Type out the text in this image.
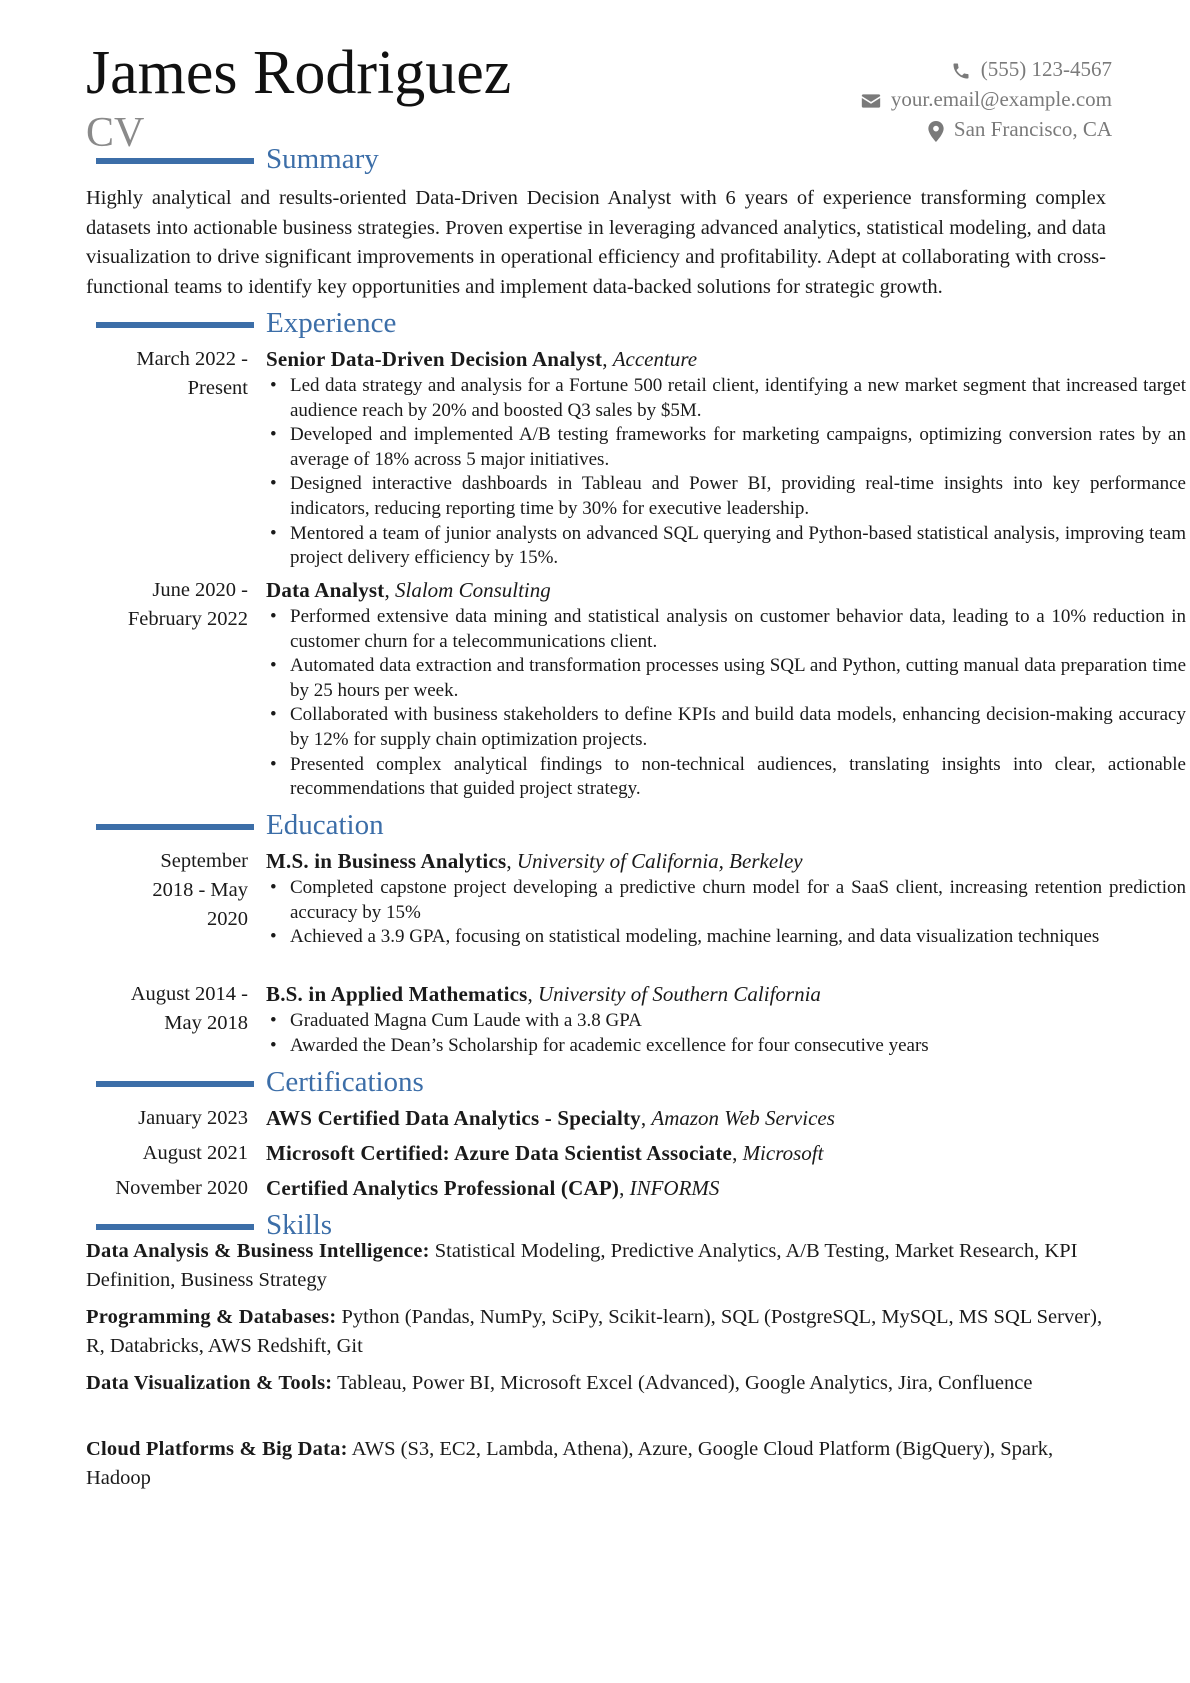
James Rodriguez
CV
(555) 123-4567
your.email@example.com
San Francisco, CA
Summary

Highly analytical and results-oriented Data-Driven Decision Analyst with 6 years of experience transforming complex datasets into actionable business strategies. Proven expertise in leveraging advanced analytics, statistical modeling, and data visualization to drive significant improvements in operational efficiency and profitability. Adept at collaborating with cross-functional teams to identify key opportunities and implement data-backed solutions for strategic growth.

Experience
March 2022 -
Present
Senior Data-Driven Decision Analyst, Accenture
• Led data strategy and analysis for a Fortune 500 retail client, identifying a new market segment that increased target audience reach by 20% and boosted Q3 sales by $5M.
• Developed and implemented A/B testing frameworks for marketing campaigns, optimizing conversion rates by an average of 18% across 5 major initiatives.
• Designed interactive dashboards in Tableau and Power BI, providing real-time insights into key performance indicators, reducing reporting time by 30% for executive leadership.
• Mentored a team of junior analysts on advanced SQL querying and Python-based statistical analysis, improving team project delivery efficiency by 15%.
June 2020 -
February 2022
Data Analyst, Slalom Consulting
• Performed extensive data mining and statistical analysis on customer behavior data, leading to a 10% reduction in customer churn for a telecommunications client.
• Automated data extraction and transformation processes using SQL and Python, cutting manual data preparation time by 25 hours per week.
• Collaborated with business stakeholders to define KPIs and build data models, enhancing decision-making accuracy by 12% for supply chain optimization projects.
• Presented complex analytical findings to non-technical audiences, translating insights into clear, actionable recommendations that guided project strategy.
Education
September
2018 - May
2020
M.S. in Business Analytics, University of California, Berkeley
• Completed capstone project developing a predictive churn model for a SaaS client, increasing retention prediction accuracy by 15%
• Achieved a 3.9 GPA, focusing on statistical modeling, machine learning, and data visualization techniques
August 2014 -
May 2018
B.S. in Applied Mathematics, University of Southern California
• Graduated Magna Cum Laude with a 3.8 GPA
• Awarded the Dean’s Scholarship for academic excellence for four consecutive years
Certifications
January 2023 AWS Certified Data Analytics - Specialty, Amazon Web Services
August 2021 Microsoft Certified: Azure Data Scientist Associate, Microsoft
November 2020 Certified Analytics Professional (CAP), INFORMS
Skills

Data Analysis & Business Intelligence: Statistical Modeling, Predictive Analytics, A/B Testing, Market Research, KPI Definition, Business Strategy

Programming & Databases: Python (Pandas, NumPy, SciPy, Scikit-learn), SQL (PostgreSQL, MySQL, MS SQL Server), R, Databricks, AWS Redshift, Git

Data Visualization & Tools: Tableau, Power BI, Microsoft Excel (Advanced), Google Analytics, Jira, Confluence

Cloud Platforms & Big Data: AWS (S3, EC2, Lambda, Athena), Azure, Google Cloud Platform (BigQuery), Spark, Hadoop
